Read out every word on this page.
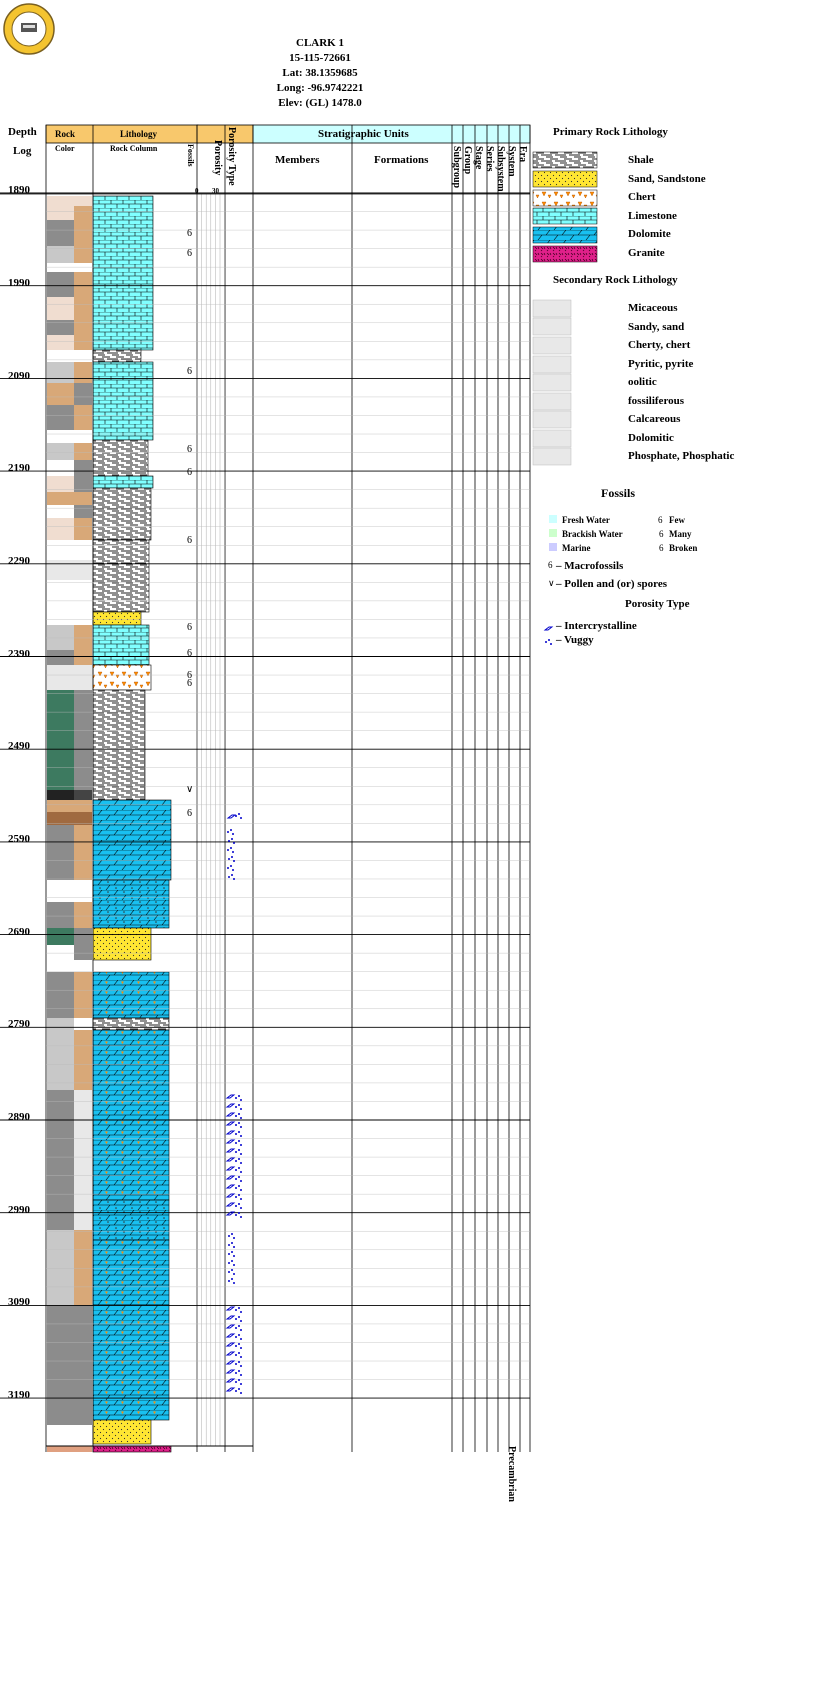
CLARK 1
15-115-72661
Lat: 38.1359685
Long: -96.9742221
Elev: (GL) 1478.0
6
6
6
6
6
6
6
6
6
6
6
∨
6
∨
6
6
6
Depth
Log
Rock
Color
Lithology
Rock Column	Fossils Porosity
0 30
Porosity Type	Stratigraphic Units
Members	Formations Subgroup Group Stage Series Subsystem System Era
1890
1990
2090
2190
2290
2390
2490
2590
2690
2790
2890
2990
3090
3190
Precambrian
Primary Rock Lithology
Shale
Sand, Sandstone
Chert
Limestone
Dolomite
Granite
Secondary Rock Lithology
Micaceous
Sandy, sand
Cherty, chert
Pyritic, pyrite
oolitic
fossiliferous
Calcareous
Dolomitic
Phosphate, Phosphatic
Fossils
Fresh Water
Brackish Water
Marine
Few
Many
Broken
– Macrofossils
– Pollen and (or) spores
Porosity Type
– Intercrystalline
– Vuggy
